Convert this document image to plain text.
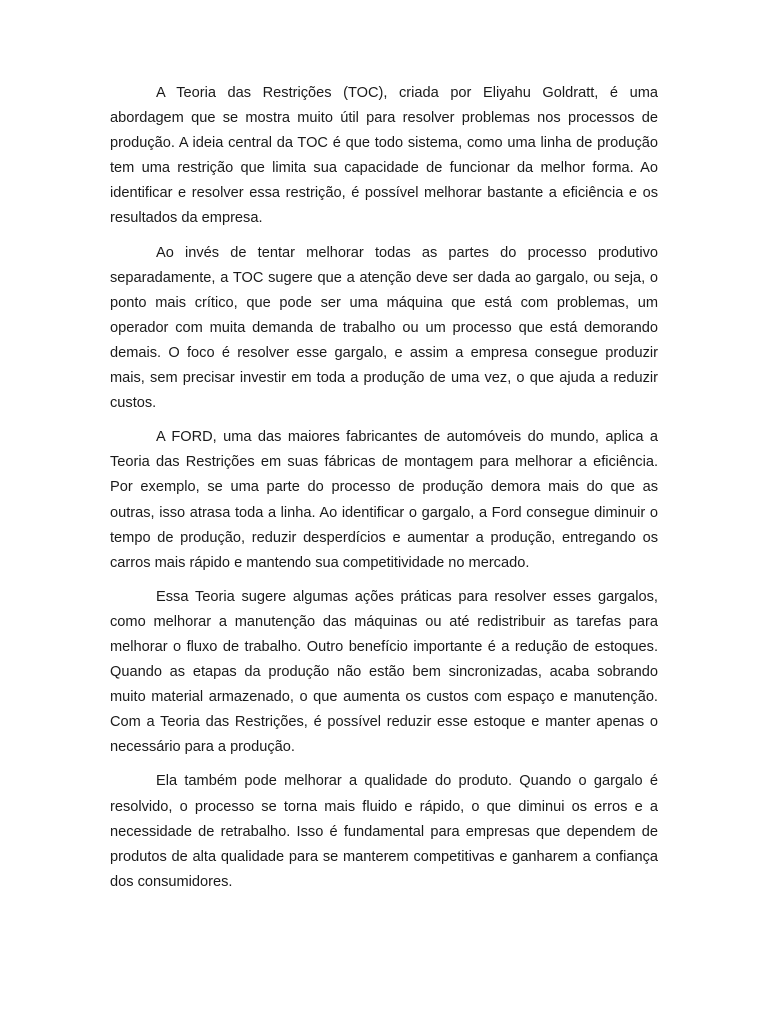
A Teoria das Restrições (TOC), criada por Eliyahu Goldratt, é uma abordagem que se mostra muito útil para resolver problemas nos processos de produção. A ideia central da TOC é que todo sistema, como uma linha de produção tem uma restrição que limita sua capacidade de funcionar da melhor forma. Ao identificar e resolver essa restrição, é possível melhorar bastante a eficiência e os resultados da empresa.

Ao invés de tentar melhorar todas as partes do processo produtivo separadamente, a TOC sugere que a atenção deve ser dada ao gargalo, ou seja, o ponto mais crítico, que pode ser uma máquina que está com problemas, um operador com muita demanda de trabalho ou um processo que está demorando demais. O foco é resolver esse gargalo, e assim a empresa consegue produzir mais, sem precisar investir em toda a produção de uma vez, o que ajuda a reduzir custos.

A FORD, uma das maiores fabricantes de automóveis do mundo, aplica a Teoria das Restrições em suas fábricas de montagem para melhorar a eficiência. Por exemplo, se uma parte do processo de produção demora mais do que as outras, isso atrasa toda a linha. Ao identificar o gargalo, a Ford consegue diminuir o tempo de produção, reduzir desperdícios e aumentar a produção, entregando os carros mais rápido e mantendo sua competitividade no mercado.

Essa Teoria sugere algumas ações práticas para resolver esses gargalos, como melhorar a manutenção das máquinas ou até redistribuir as tarefas para melhorar o fluxo de trabalho. Outro benefício importante é a redução de estoques. Quando as etapas da produção não estão bem sincronizadas, acaba sobrando muito material armazenado, o que aumenta os custos com espaço e manutenção. Com a Teoria das Restrições, é possível reduzir esse estoque e manter apenas o necessário para a produção.

Ela também pode melhorar a qualidade do produto. Quando o gargalo é resolvido, o processo se torna mais fluido e rápido, o que diminui os erros e a necessidade de retrabalho. Isso é fundamental para empresas que dependem de produtos de alta qualidade para se manterem competitivas e ganharem a confiança dos consumidores.
